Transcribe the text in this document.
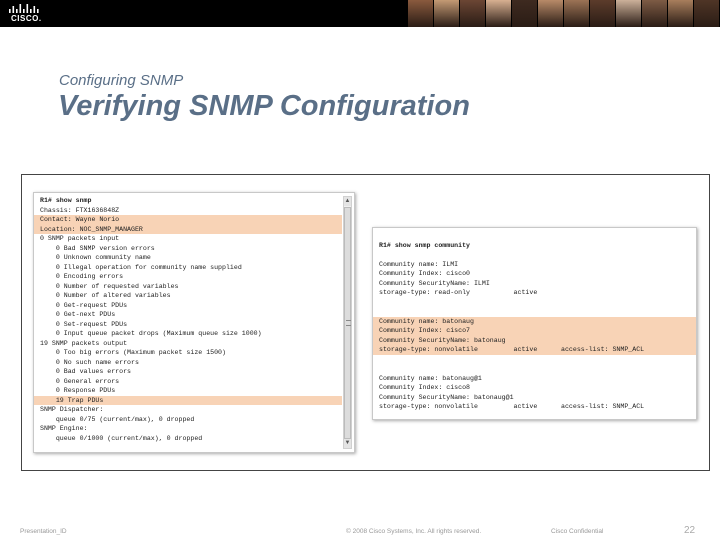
CISCO.
Configuring SNMP
Verifying SNMP Configuration
R1# show snmp
Chassis: FTX1636848Z
Contact: Wayne Norio
Location: NOC_SNMP_MANAGER
0 SNMP packets input
0 Bad SNMP version errors
0 Unknown community name
0 Illegal operation for community name supplied
0 Encoding errors
0 Number of requested variables
0 Number of altered variables
0 Get-request PDUs
0 Get-next PDUs
0 Set-request PDUs
0 Input queue packet drops (Maximum queue size 1000)
19 SNMP packets output
0 Too big errors (Maximum packet size 1500)
0 No such name errors
0 Bad values errors
0 General errors
0 Response PDUs
19 Trap PDUs
SNMP Dispatcher:
queue 0/75 (current/max), 0 dropped
SNMP Engine:
queue 0/1000 (current/max), 0 dropped
▲
▼
R1# show snmp community
Community name: ILMI
Community Index: cisco0
Community SecurityName: ILMI
storage-type: read-only           active
Community name: batonaug
Community Index: cisco7
Community SecurityName: batonaug
storage-type: nonvolatile         active      access-list: SNMP_ACL
Community name: batonaug@1
Community Index: cisco8
Community SecurityName: batonaug@1
storage-type: nonvolatile         active      access-list: SNMP_ACL
Presentation_ID	© 2008 Cisco Systems, Inc. All rights reserved.	Cisco Confidential	22
